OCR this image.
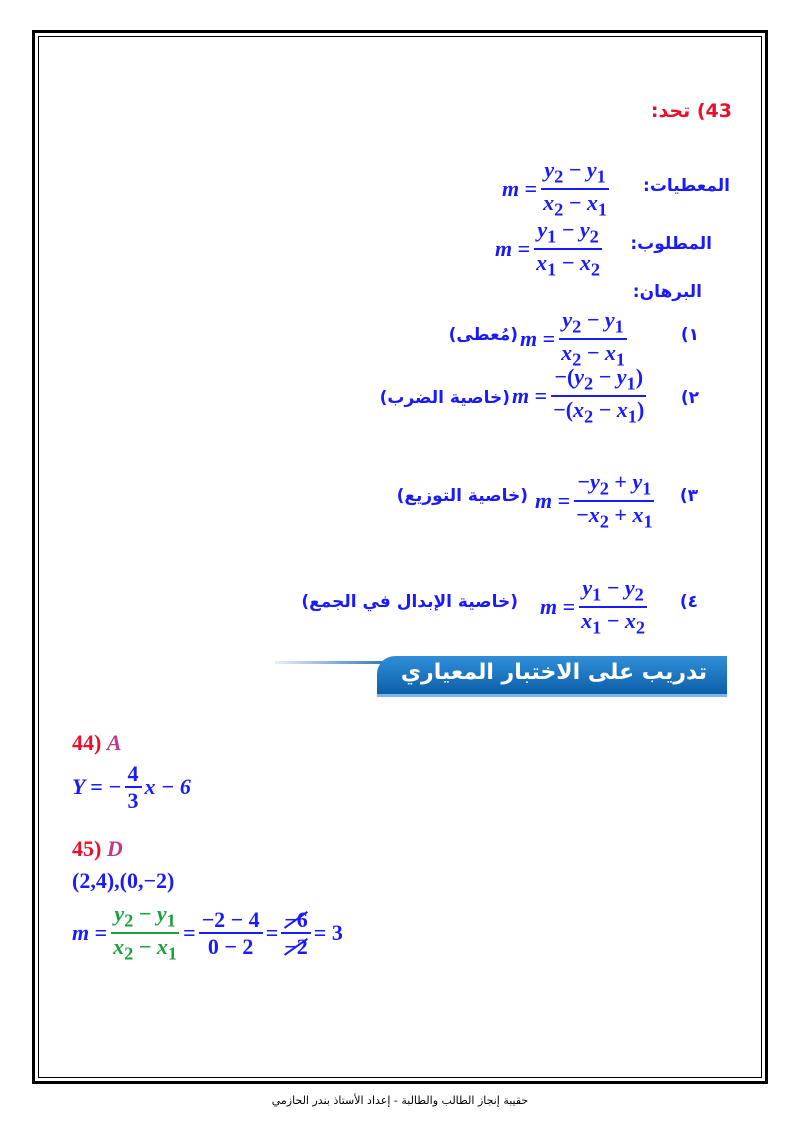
43) تحد:
المعطيات:
$m = \frac{y_2 - y_1}{x_2 - x_1}$
المطلوب:
$m = \frac{y_1 - y_2}{x_1 - x_2}$
البرهان:
١)
$m = \frac{y_2 - y_1}{x_2 - x_1}$
(مُعطى)
٢)
$m = \frac{-(y_2 - y_1)}{-(x_2 - x_1)}$
(خاصية الضرب)
٣)
$m = \frac{-y_2 + y_1}{-x_2 + x_1}$
(خاصية التوزيع)
٤)
$m = \frac{y_1 - y_2}{x_1 - x_2}$
(خاصية الإبدال في الجمع)
تدريب على الاختبار المعياري
44) A
Y = − $\frac{4}{3}$ x − 6
45) D
(2,4),(0,−2)
$m = \frac{y_2 - y_1}{x_2 - x_1} = \frac{-2 - 4}{0 - 2} = \frac{-6}{-2} = 3$
حقيبة إنجاز الطالب والطالبة - إعداد الأستاذ بندر الحازمي
